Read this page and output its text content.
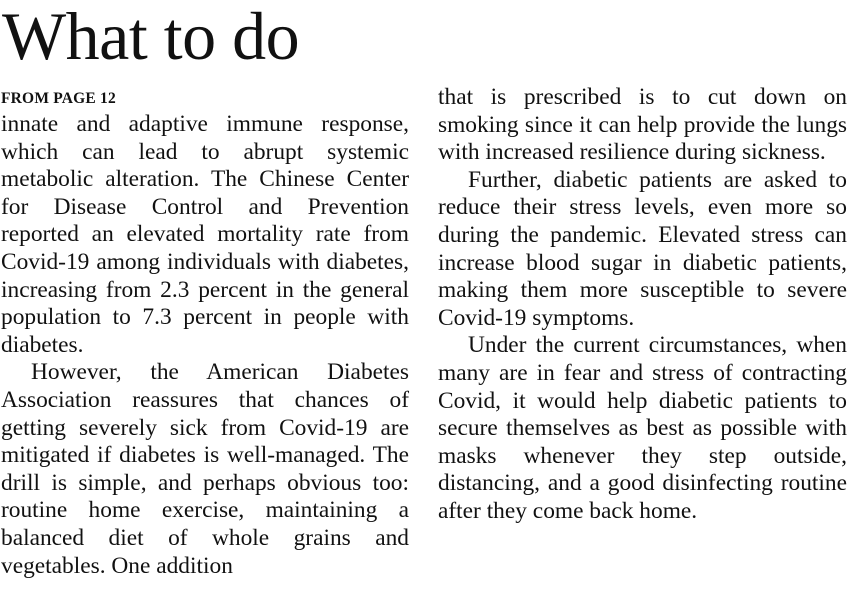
What to do

FROM PAGE 12

innate and adaptive immune response, which can lead to abrupt systemic metabolic alteration. The Chinese Center for Disease Control and Prevention reported an elevated mortality rate from Covid-19 among individuals with diabetes, increasing from 2.3 percent in the general population to 7.3 percent in people with diabetes.

However, the American Diabetes Association reassures that chances of getting severely sick from Covid-19 are mitigated if diabetes is well-managed. The drill is simple, and perhaps obvious too: routine home exercise, maintaining a balanced diet of whole grains and vegetables. One addition

that is prescribed is to cut down on smoking since it can help provide the lungs with increased resilience during sickness.

Further, diabetic patients are asked to reduce their stress levels, even more so during the pandemic. Elevated stress can increase blood sugar in diabetic patients, making them more susceptible to severe Covid-19 symptoms.

Under the current circumstances, when many are in fear and stress of contracting Covid, it would help diabetic patients to secure themselves as best as possible with masks whenever they step outside, distancing, and a good disinfecting routine after they come back home.
